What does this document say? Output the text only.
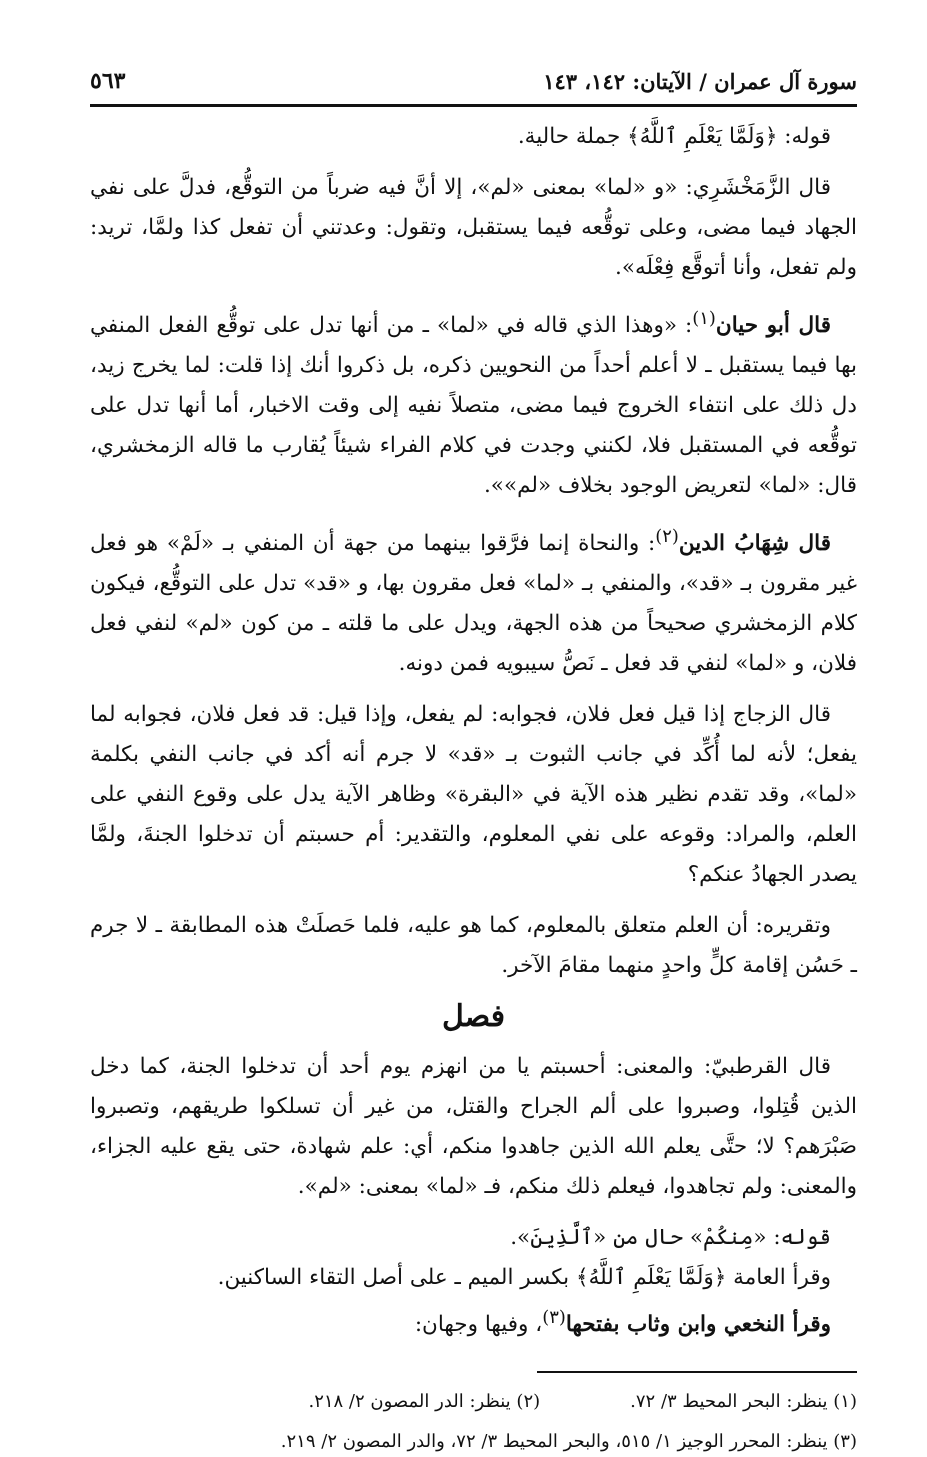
سورة آل عمران / الآيتان: ١٤٢، ١٤٣
٥٦٣

قوله: ﴿وَلَمَّا يَعْلَمِ ٱللَّهُ﴾ جملة حالية.

قال الزَّمَخْشَرِي: «و «لما» بمعنى «لم»، إلا أنَّ فيه ضرباً من التوقُّع، فدلَّ على نفي الجهاد فيما مضى، وعلى توقُّعه فيما يستقبل، وتقول: وعدتني أن تفعل كذا ولمَّا، تريد: ولم تفعل، وأنا أتوقَّع فِعْلَه».

قال أبو حيان$^{(١)}$: «وهذا الذي قاله في «لما» ـ من أنها تدل على توقُّع الفعل المنفي بها فيما يستقبل ـ لا أعلم أحداً من النحويين ذكره، بل ذكروا أنك إذا قلت: لما يخرج زيد، دل ذلك على انتفاء الخروج فيما مضى، متصلاً نفيه إلى وقت الاخبار، أما أنها تدل على توقُّعه في المستقبل فلا، لكنني وجدت في كلام الفراء شيئاً يُقارب ما قاله الزمخشري، قال: «لما» لتعريض الوجود بخلاف «لم»».

قال شِهَابُ الدين$^{(٢)}$: والنحاة إنما فرَّقوا بينهما من جهة أن المنفي بـ «لَمْ» هو فعل غير مقرون بـ «قد»، والمنفي بـ «لما» فعل مقرون بها، و «قد» تدل على التوقُّع، فيكون كلام الزمخشري صحيحاً من هذه الجهة، ويدل على ما قلته ـ من كون «لم» لنفي فعل فلان، و «لما» لنفي قد فعل ـ نَصُّ سيبويه فمن دونه.

قال الزجاج إذا قيل فعل فلان، فجوابه: لم يفعل، وإذا قيل: قد فعل فلان، فجوابه لما يفعل؛ لأنه لما أُكِّد في جانب الثبوت بـ «قد» لا جرم أنه أكد في جانب النفي بكلمة «لما»، وقد تقدم نظير هذه الآية في «البقرة» وظاهر الآية يدل على وقوع النفي على العلم، والمراد: وقوعه على نفي المعلوم، والتقدير: أم حسبتم أن تدخلوا الجنةَ، ولمَّا يصدر الجهادُ عنكم؟

وتقريره: أن العلم متعلق بالمعلوم، كما هو عليه، فلما حَصلَتْ هذه المطابقة ـ لا جرم ـ حَسُن إقامة كلٍّ واحدٍ منهما مقامَ الآخر.

فصل

قال القرطبيّ: والمعنى: أحسبتم يا من انهزم يوم أحد أن تدخلوا الجنة، كما دخل الذين قُتِلوا، وصبروا على ألم الجراح والقتل، من غير أن تسلكوا طريقهم، وتصبروا صَبْرَهم؟ لا؛ حتَّى يعلم الله الذين جاهدوا منكم، أي: علم شهادة، حتى يقع عليه الجزاء، والمعنى: ولم تجاهدوا، فيعلم ذلك منكم، فـ «لما» بمعنى: «لم».

قوله: «مِنكُمْ» حال من «ٱلَّذِينَ».

وقرأ العامة ﴿وَلَمَّا يَعْلَمِ ٱللَّهُ﴾ بكسر الميم ـ على أصل التقاء الساكنين.

وقرأ النخعي وابن وثاب بفتحها$^{(٣)}$، وفيها وجهان:

(١) ينظر: البحر المحيط ٣/ ٧٢.
(٢) ينظر: الدر المصون ٢/ ٢١٨.

(٣) ينظر: المحرر الوجيز ١/ ٥١٥، والبحر المحيط ٣/ ٧٢، والدر المصون ٢/ ٢١٩.
